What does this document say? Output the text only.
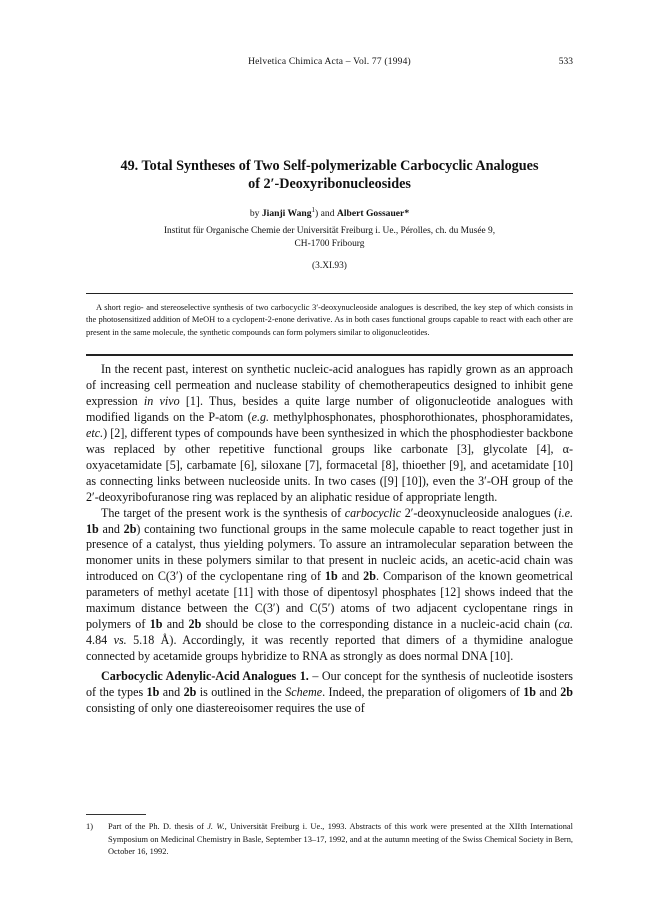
Helvetica Chimica Acta – Vol. 77 (1994)	533
49. Total Syntheses of Two Self-polymerizable Carbocyclic Analogues
of 2′-Deoxyribonucleosides
by Jianji Wang$^1$) and Albert Gossauer*
Institut für Organische Chemie der Universität Freiburg i. Ue., Pérolles, ch. du Musée 9,
CH-1700 Fribourg
(3.XI.93)

A short regio- and stereoselective synthesis of two carbocyclic 3′-deoxynucleoside analogues is described, the key step of which consists in the photosensitized addition of MeOH to a cyclopent-2-enone derivative. As in both cases functional groups capable to react with each other are present in the same molecule, the synthetic compounds can form polymers similar to oligonucleotides.

In the recent past, interest on synthetic nucleic-acid analogues has rapidly grown as an approach of increasing cell permeation and nuclease stability of chemotherapeutics designed to inhibit gene expression in vivo [1]. Thus, besides a quite large number of oligonucleotide analogues with modified ligands on the P-atom (e.g. methylphosphonates, phosphorothionates, phosphoramidates, etc.) [2], different types of compounds have been synthesized in which the phosphodiester backbone was replaced by other repetitive functional groups like carbonate [3], glycolate [4], α-oxyacetamidate [5], carbamate [6], siloxane [7], formacetal [8], thioether [9], and acetamidate [10] as connecting links between nucleoside units. In two cases ([9] [10]), even the 3′-OH group of the 2′-deoxyribofuranose ring was replaced by an aliphatic residue of appropriate length.

The target of the present work is the synthesis of carbocyclic 2′-deoxynucleoside analogues (i.e. 1b and 2b) containing two functional groups in the same molecule capable to react together just in presence of a catalyst, thus yielding polymers. To assure an intramolecular separation between the monomer units in these polymers similar to that present in nucleic acids, an acetic-acid chain was introduced on C(3′) of the cyclopentane ring of 1b and 2b. Comparison of the known geometrical parameters of methyl acetate [11] with those of dipentosyl phosphates [12] shows indeed that the maximum distance between the C(3′) and C(5′) atoms of two adjacent cyclopentane rings in polymers of 1b and 2b should be close to the corresponding distance in a nucleic-acid chain (ca. 4.84 vs. 5.18 Å). Accordingly, it was recently reported that dimers of a thymidine analogue connected by acetamide groups hybridize to RNA as strongly as does normal DNA [10].

Carbocyclic Adenylic-Acid Analogues 1. – Our concept for the synthesis of nucleotide isosters of the types 1b and 2b is outlined in the Scheme. Indeed, the preparation of oligomers of 1b and 2b consisting of only one diastereoisomer requires the use of

1) Part of the Ph. D. thesis of J. W., Universität Freiburg i. Ue., 1993. Abstracts of this work were presented at the XIIth International Symposium on Medicinal Chemistry in Basle, September 13–17, 1992, and at the autumn meeting of the Swiss Chemical Society in Bern, October 16, 1992.
